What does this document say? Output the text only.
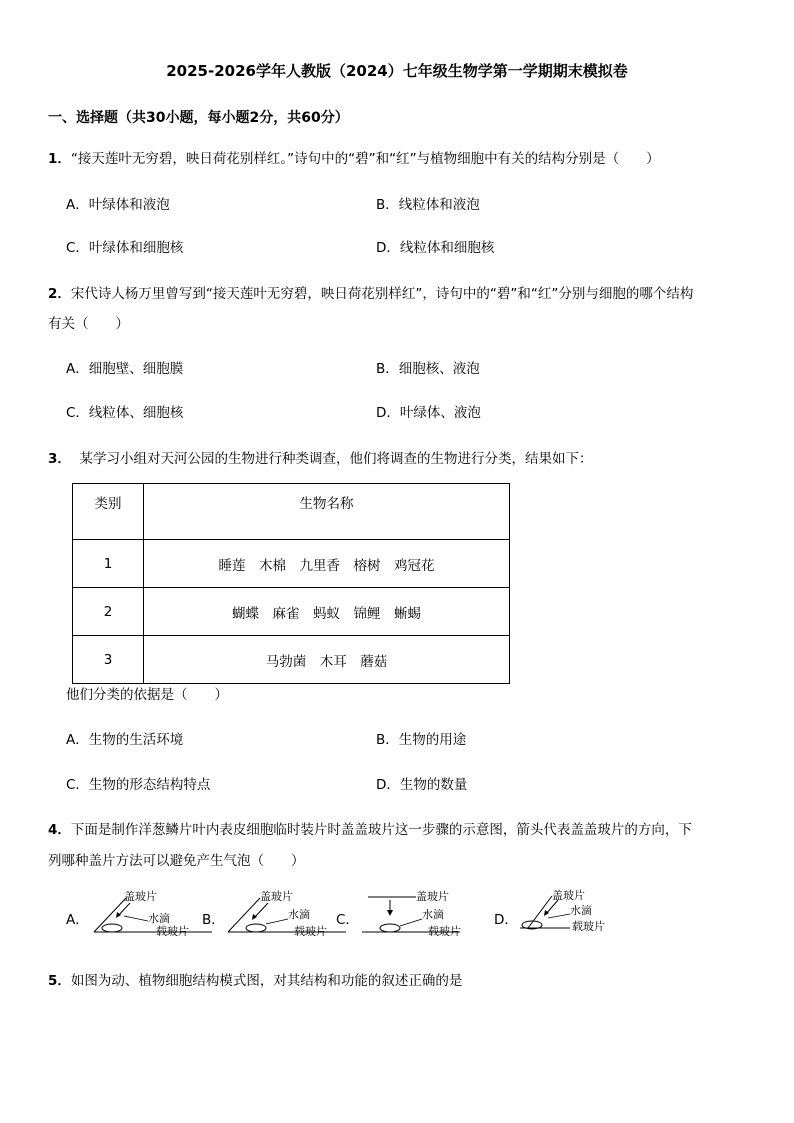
2025-2026学年人教版（2024）七年级生物学第一学期期末模拟卷
一、选择题（共30小题，每小题2分，共60分）
1．“接天莲叶无穷碧，映日荷花别样红。”诗句中的“碧”和“红”与植物细胞中有关的结构分别是（　　）
A．叶绿体和液泡	B．线粒体和液泡
C．叶绿体和细胞核	D．线粒体和细胞核
2．宋代诗人杨万里曾写到“接天莲叶无穷碧，映日荷花别样红”，诗句中的“碧”和“红”分别与细胞的哪个结构
有关（　　）
A．细胞壁、细胞膜	B．细胞核、液泡
C．线粒体、细胞核	D．叶绿体、液泡
3． 某学习小组对天河公园的生物进行种类调查，他们将调查的生物进行分类，结果如下：
类别	生物名称
1	睡莲　木棉　九里香　榕树　鸡冠花
2	蝴蝶　麻雀　蚂蚁　锦鲤　蜥蜴
3	马勃菌　木耳　蘑菇
他们分类的依据是（　　）
A．生物的生活环境	B．生物的用途
C．生物的形态结构特点	D．生物的数量
4．下面是制作洋葱鳞片叶内表皮细胞临时装片时盖盖玻片这一步骤的示意图，箭头代表盖盖玻片的方向，下
列哪种盖片方法可以避免产生气泡（　　）
A．	B．	C．	D．
盖玻片
水滴
载玻片
盖玻片
水滴
载玻片
盖玻片
水滴
载玻片
盖玻片
水滴
载玻片
5．如图为动、植物细胞结构模式图，对其结构和功能的叙述正确的是
